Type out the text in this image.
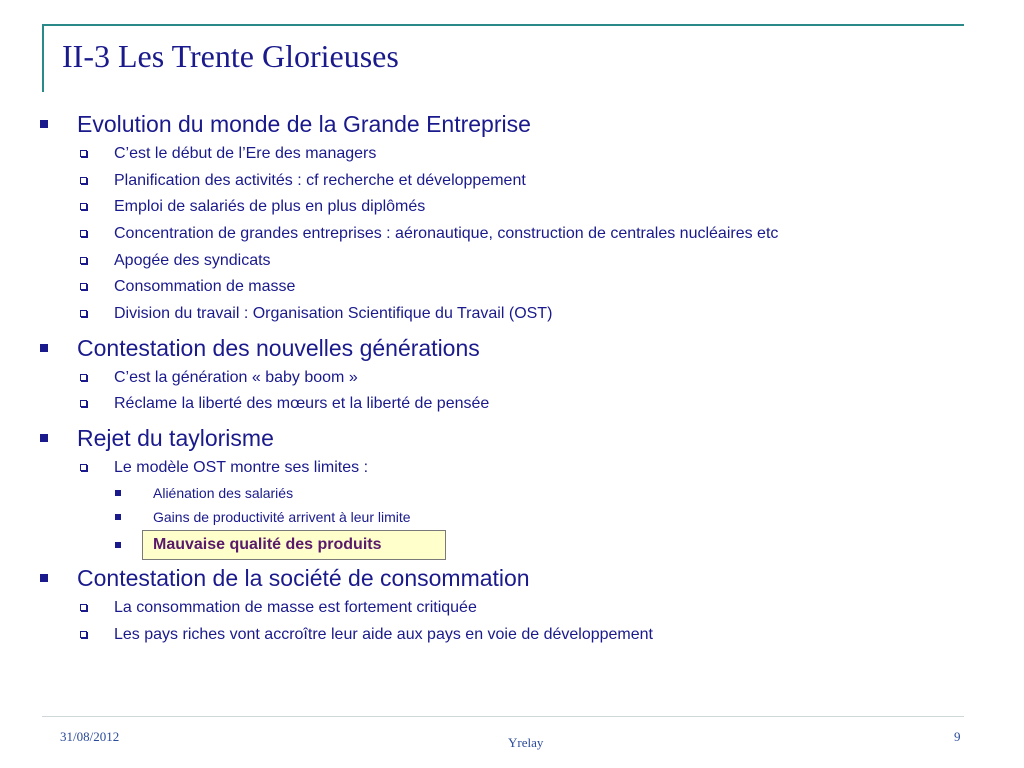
II-3 Les Trente Glorieuses
Evolution du monde de la Grande Entreprise
C’est le début de l’Ere des managers
Planification des activités : cf recherche et développement
Emploi de salariés de plus en plus diplômés
Concentration de grandes entreprises : aéronautique, construction de centrales nucléaires etc
Apogée des syndicats
Consommation de masse
Division du travail : Organisation Scientifique du Travail (OST)
Contestation des nouvelles générations
C’est la génération « baby boom »
Réclame la liberté des mœurs et la liberté de pensée
Rejet du taylorisme
Le modèle OST montre ses limites :
Aliénation des salariés
Gains de productivité arrivent à leur limite
Mauvaise qualité des produits
Contestation de la société de consommation
La consommation de masse est fortement critiquée
Les pays riches vont accroître leur aide aux pays en voie de développement
31/08/2012	Yrelay	9
